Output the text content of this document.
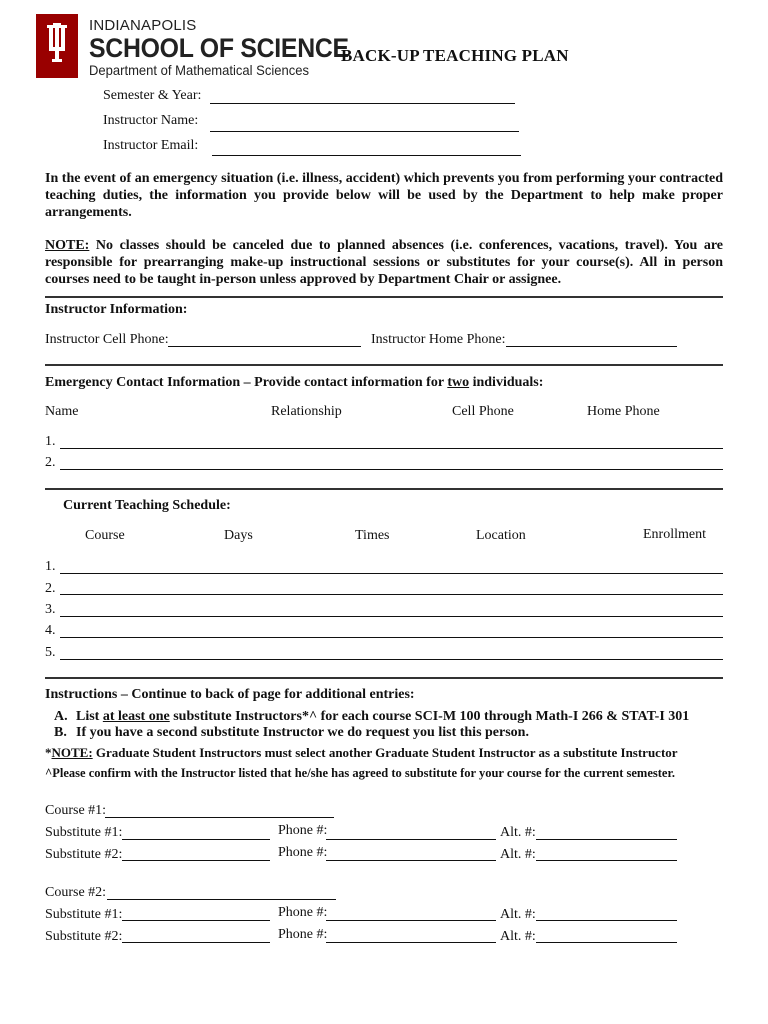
INDIANAPOLIS
SCHOOL OF SCIENCE
Department of Mathematical Sciences
BACK-UP TEACHING PLAN
Semester & Year:
Instructor Name:
Instructor Email:
In the event of an emergency situation (i.e. illness, accident) which prevents you from performing your contracted teaching duties, the information you provide below will be used by the Department to help make proper arrangements.
NOTE: No classes should be canceled due to planned absences (i.e. conferences, vacations, travel). You are responsible for prearranging make-up instructional sessions or substitutes for your course(s). All in person courses need to be taught in-person unless approved by Department Chair or assignee.
Instructor Information:
Instructor Cell Phone:	Instructor Home Phone:
Emergency Contact Information – Provide contact information for two individuals:
Name	Relationship	Cell Phone	Home Phone
1.
2.
Current Teaching Schedule:
Course	Days	Times	Location	Enrollment
1.
2.
3.
4.
5.
Instructions – Continue to back of page for additional entries:
A. List at least one substitute Instructors*^ for each course SCI-M 100 through Math-I 266 & STAT-I 301
B. If you have a second substitute Instructor we do request you list this person.
*NOTE: Graduate Student Instructors must select another Graduate Student Instructor as a substitute Instructor
^Please confirm with the Instructor listed that he/she has agreed to substitute for your course for the current semester.
Course #1:
Substitute #1:	Phone #:	Alt. #:
Substitute #2:	Phone #:	Alt. #:
Course #2:
Substitute #1:	Phone #:	Alt. #:
Substitute #2:	Phone #:	Alt. #:
